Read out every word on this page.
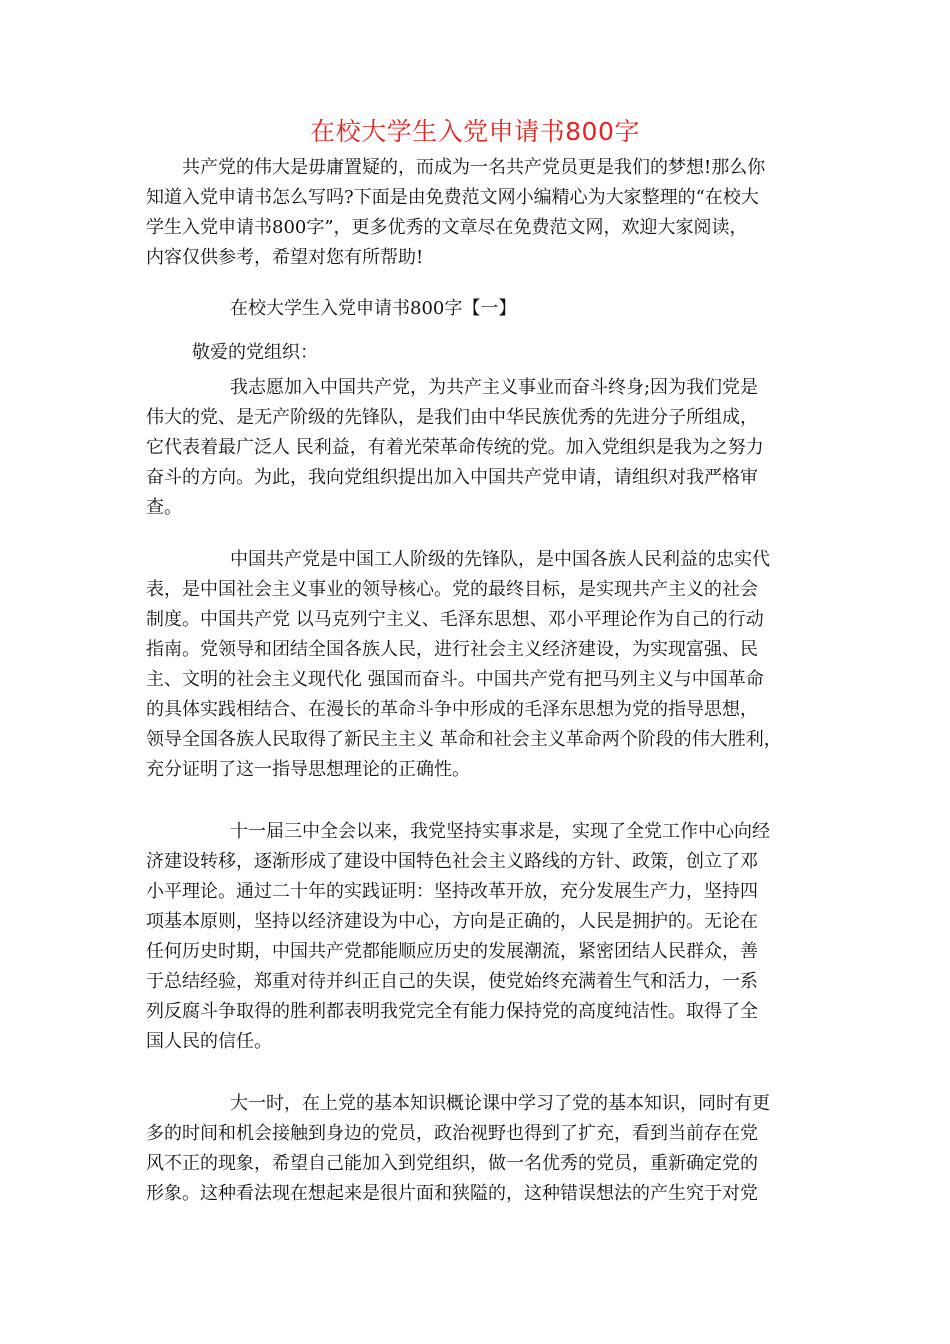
在校大学生入党申请书800字
共产党的伟大是毋庸置疑的，而成为一名共产党员更是我们的梦想!那么你
知道入党申请书怎么写吗?下面是由免费范文网小编精心为大家整理的“在校大
学生入党申请书800字”，更多优秀的文章尽在免费范文网，欢迎大家阅读，
内容仅供参考，希望对您有所帮助!
在校大学生入党申请书800字【一】
敬爱的党组织：
我志愿加入中国共产党，为共产主义事业而奋斗终身;因为我们党是
伟大的党、是无产阶级的先锋队，是我们由中华民族优秀的先进分子所组成，
它代表着最广泛人 民利益，有着光荣革命传统的党。加入党组织是我为之努力
奋斗的方向。为此，我向党组织提出加入中国共产党申请，请组织对我严格审
查。
中国共产党是中国工人阶级的先锋队，是中国各族人民利益的忠实代
表，是中国社会主义事业的领导核心。党的最终目标，是实现共产主义的社会
制度。中国共产党 以马克列宁主义、毛泽东思想、邓小平理论作为自己的行动
指南。党领导和团结全国各族人民，进行社会主义经济建设，为实现富强、民
主、文明的社会主义现代化 强国而奋斗。中国共产党有把马列主义与中国革命
的具体实践相结合、在漫长的革命斗争中形成的毛泽东思想为党的指导思想，
领导全国各族人民取得了新民主主义 革命和社会主义革命两个阶段的伟大胜利，
充分证明了这一指导思想理论的正确性。
十一届三中全会以来，我党坚持实事求是，实现了全党工作中心向经
济建设转移，逐渐形成了建设中国特色社会主义路线的方针、政策，创立了邓
小平理论。通过二十年的实践证明：坚持改革开放，充分发展生产力，坚持四
项基本原则，坚持以经济建设为中心，方向是正确的，人民是拥护的。无论在
任何历史时期，中国共产党都能顺应历史的发展潮流，紧密团结人民群众，善
于总结经验，郑重对待并纠正自己的失误，使党始终充满着生气和活力，一系
列反腐斗争取得的胜利都表明我党完全有能力保持党的高度纯洁性。取得了全
国人民的信任。
大一时，在上党的基本知识概论课中学习了党的基本知识，同时有更
多的时间和机会接触到身边的党员，政治视野也得到了扩充，看到当前存在党
风不正的现象，希望自己能加入到党组织，做一名优秀的党员，重新确定党的
形象。这种看法现在想起来是很片面和狭隘的，这种错误想法的产生究于对党
